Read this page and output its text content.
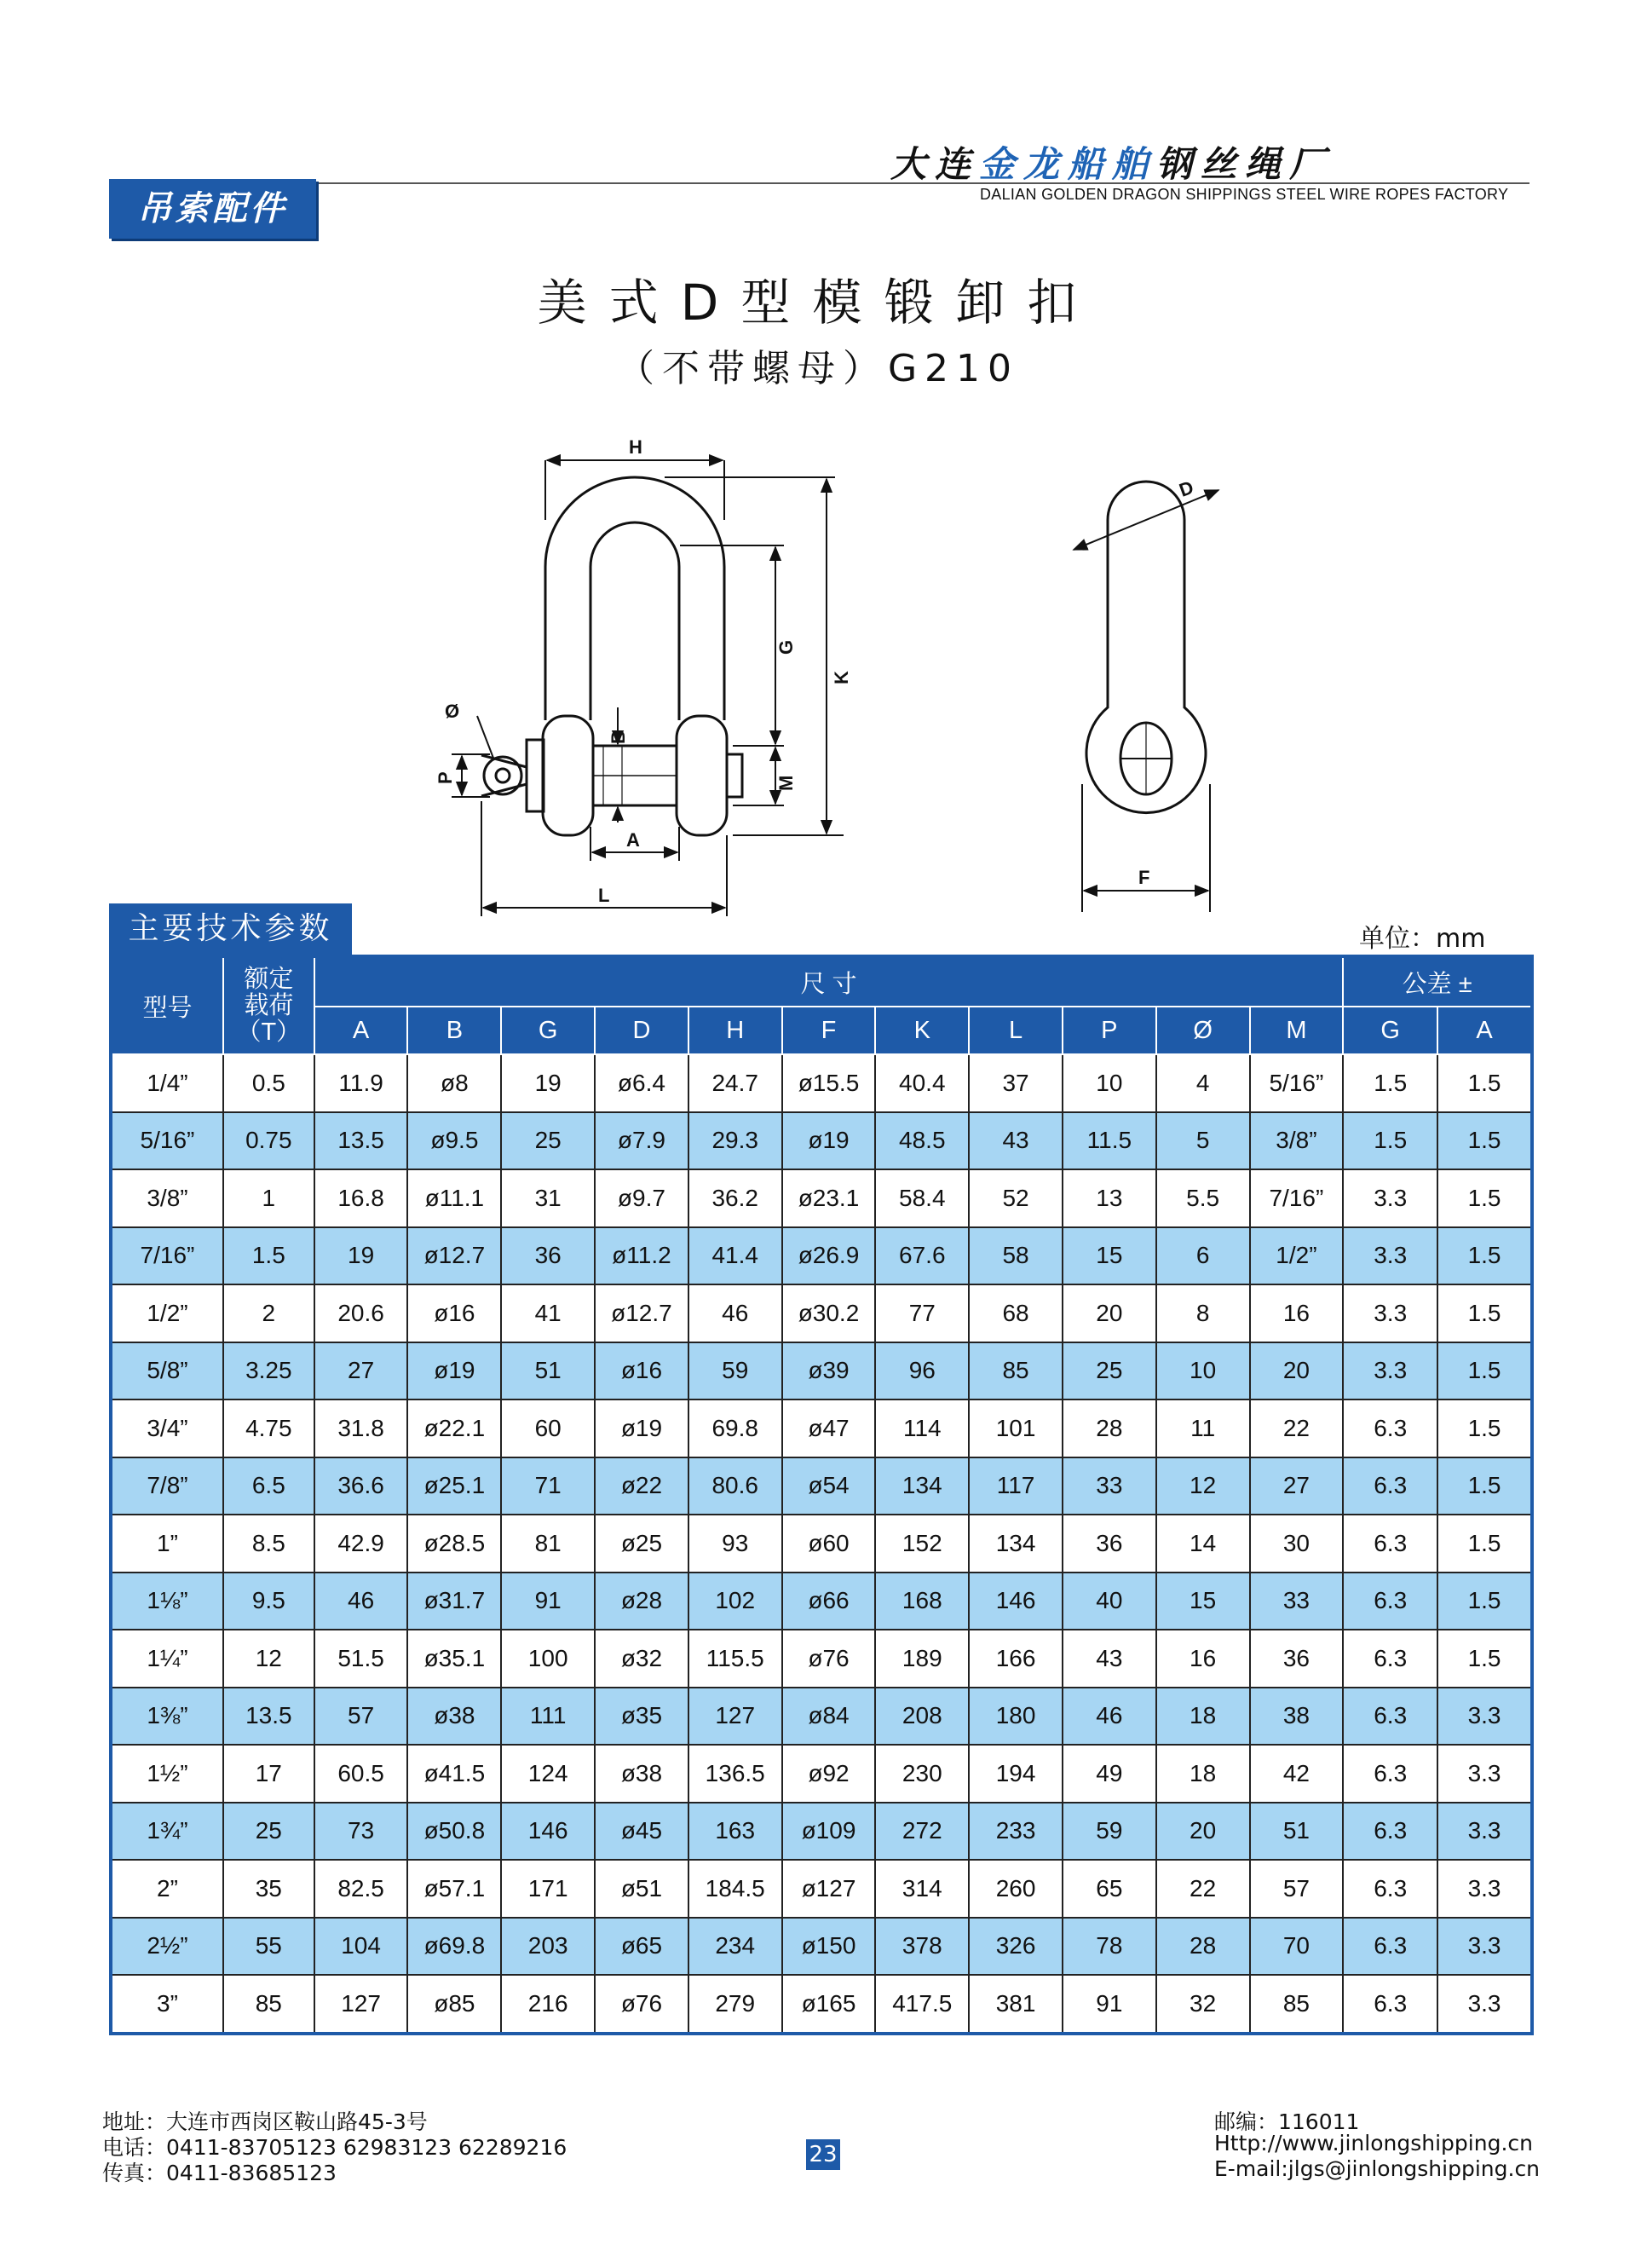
大连金龙船舶钢丝绳厂
DALIAN GOLDEN DRAGON SHIPPINGS STEEL WIRE ROPES FACTORY
吊索配件
美式D型模锻卸扣
（不带螺母）G210
H
K
G
B
M
P
Ø
A
L
D
F
主要技术参数	单位：mm
型号	额定
载荷
（T）	尺 寸											公差 ±	
		A	B	G	D	H	F	K	L	P	Ø	M	G	A
1/4”	0.5	11.9	ø8	19	ø6.4	24.7	ø15.5	40.4	37	10	4	5/16”	1.5	1.5
5/16”	0.75	13.5	ø9.5	25	ø7.9	29.3	ø19	48.5	43	11.5	5	3/8”	1.5	1.5
3/8”	1	16.8	ø11.1	31	ø9.7	36.2	ø23.1	58.4	52	13	5.5	7/16”	3.3	1.5
7/16”	1.5	19	ø12.7	36	ø11.2	41.4	ø26.9	67.6	58	15	6	1/2”	3.3	1.5
1/2”	2	20.6	ø16	41	ø12.7	46	ø30.2	77	68	20	8	16	3.3	1.5
5/8”	3.25	27	ø19	51	ø16	59	ø39	96	85	25	10	20	3.3	1.5
3/4”	4.75	31.8	ø22.1	60	ø19	69.8	ø47	114	101	28	11	22	6.3	1.5
7/8”	6.5	36.6	ø25.1	71	ø22	80.6	ø54	134	117	33	12	27	6.3	1.5
1”	8.5	42.9	ø28.5	81	ø25	93	ø60	152	134	36	14	30	6.3	1.5
1⅛”	9.5	46	ø31.7	91	ø28	102	ø66	168	146	40	15	33	6.3	1.5
1¼”	12	51.5	ø35.1	100	ø32	115.5	ø76	189	166	43	16	36	6.3	1.5
1⅜”	13.5	57	ø38	111	ø35	127	ø84	208	180	46	18	38	6.3	3.3
1½”	17	60.5	ø41.5	124	ø38	136.5	ø92	230	194	49	18	42	6.3	3.3
1¾”	25	73	ø50.8	146	ø45	163	ø109	272	233	59	20	51	6.3	3.3
2”	35	82.5	ø57.1	171	ø51	184.5	ø127	314	260	65	22	57	6.3	3.3
2½”	55	104	ø69.8	203	ø65	234	ø150	378	326	78	28	70	6.3	3.3
3”	85	127	ø85	216	ø76	279	ø165	417.5	381	91	32	85	6.3	3.3
地址：大连市西岗区鞍山路45-3号
电话：0411-83705123 62983123 62289216
传真：0411-83685123
23
邮编：116011
Http://www.jinlongshipping.cn
E-mail:jlgs@jinlongshipping.cn
